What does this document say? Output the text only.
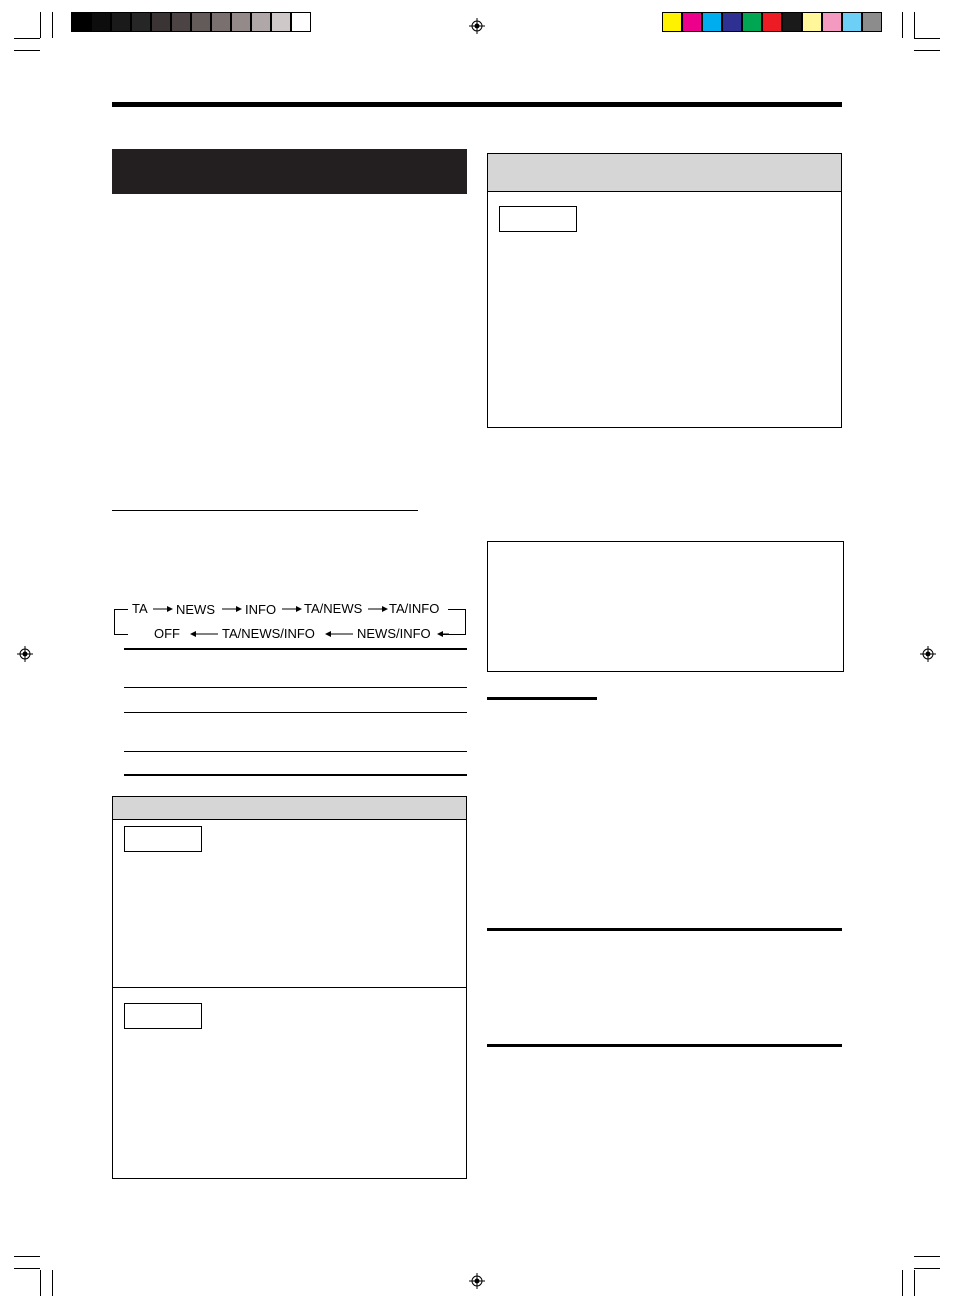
TA NEWS INFO TA/NEWS TA/INFO
OFF	TA/NEWS/INFO	NEWS/INFO
